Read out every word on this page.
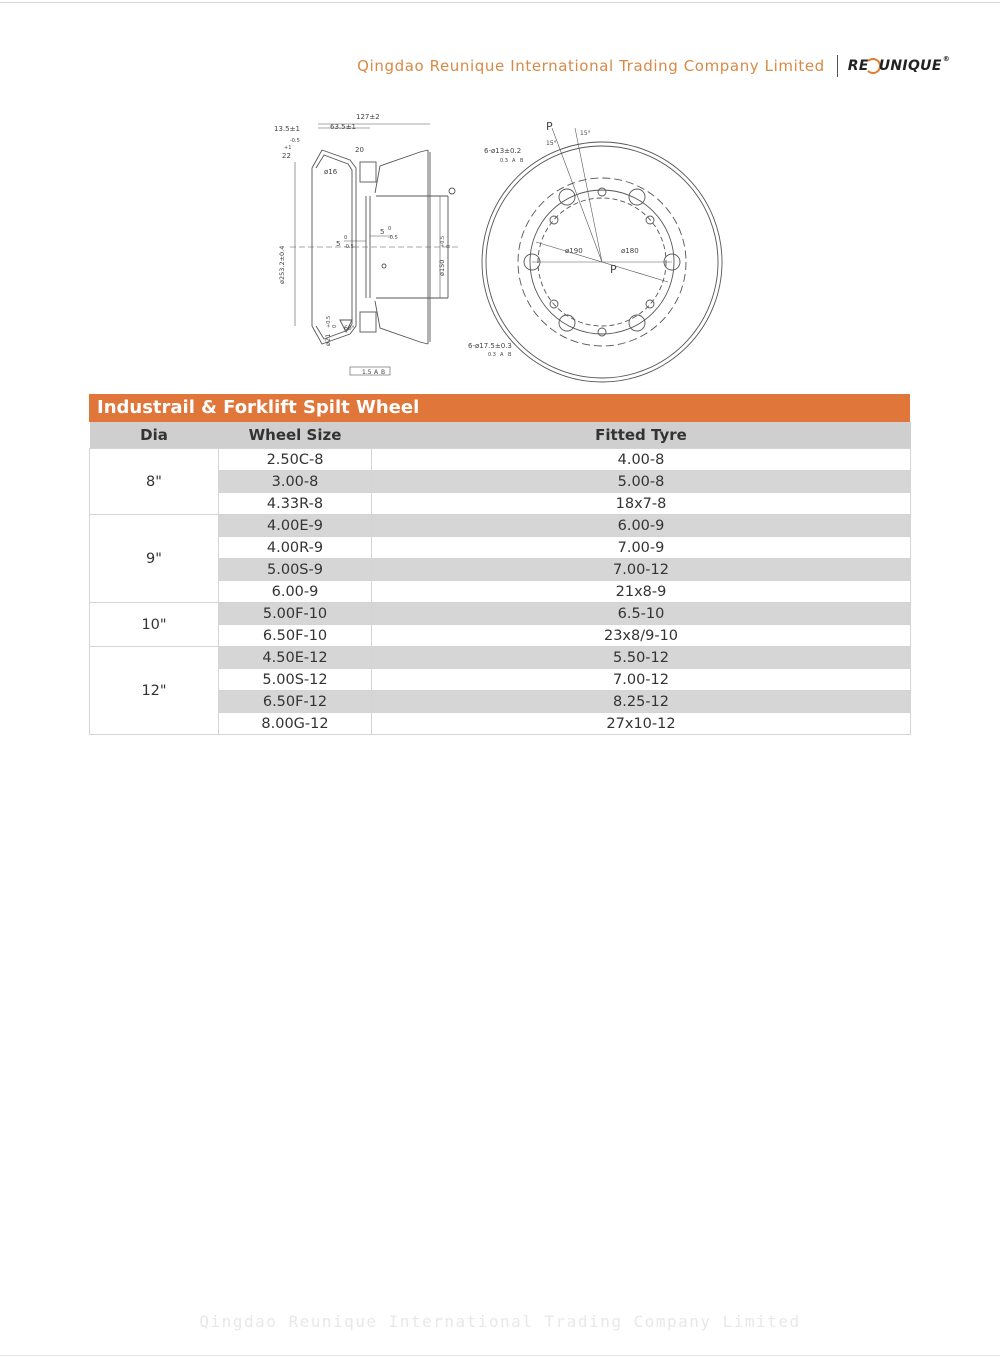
Qingdao Reunique International Trading Company Limited RE UNIQUE ®
13.5±1
127±2
63.5±1
22
+1
-0.5
20
ø16
ø253.2±0.4
5
0
-0.5
5 0
-0.5
ø150
+0.5 0
ø21
+0.5 0 60°
1.5 A B
6-ø13±0.2
0.3 A B
P
15°
15°
ø190	ø180
P
6-ø17.5±0.3
0.3 A B
Industrail & Forklift Spilt Wheel
Dia	Wheel Size	Fitted Tyre
8"	2.50C-8	4.00-8
	3.00-8	5.00-8
	4.33R-8	18x7-8
9"	4.00E-9	6.00-9
	4.00R-9	7.00-9
	5.00S-9	7.00-12
	6.00-9	21x8-9
10"	5.00F-10	6.5-10
	6.50F-10	23x8/9-10
12"	4.50E-12	5.50-12
	5.00S-12	7.00-12
	6.50F-12	8.25-12
	8.00G-12	27x10-12
Qingdao Reunique International Trading Company Limited
